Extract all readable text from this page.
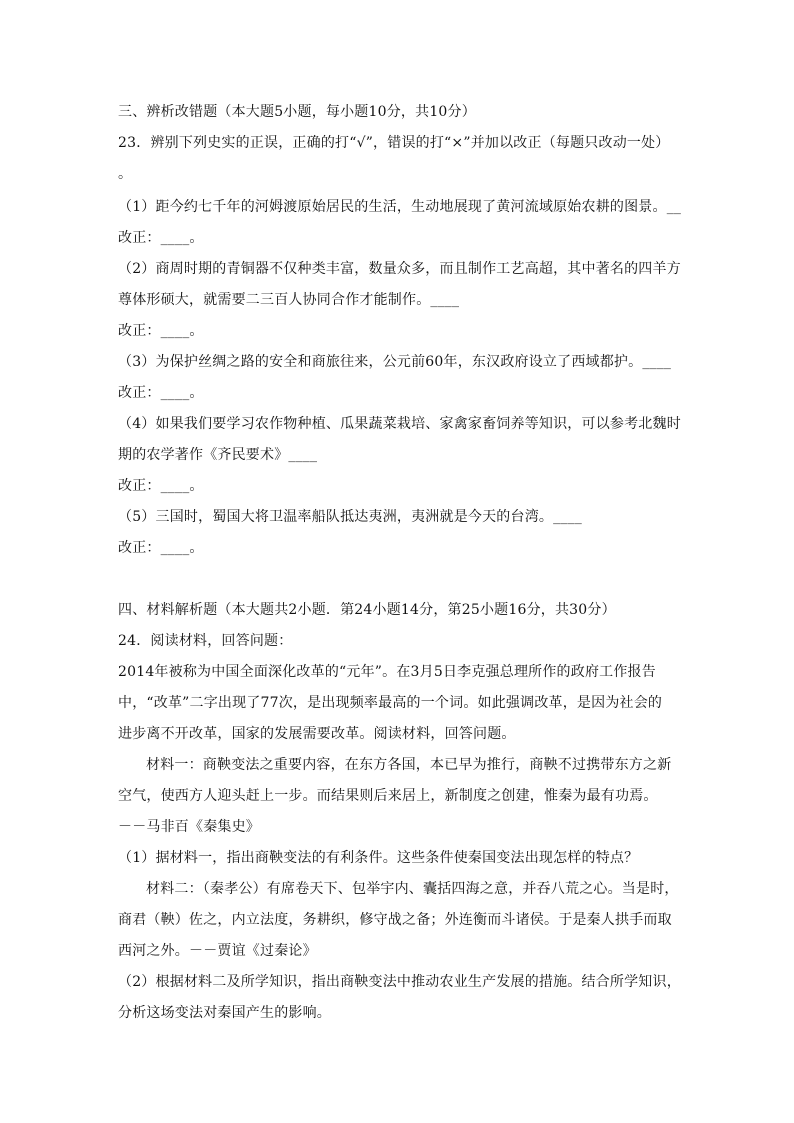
三、辨析改错题（本大题5小题，每小题10分，共10分）
23．辨别下列史实的正误，正确的打“√”，错误的打“×”并加以改正（每题只改动一处）
。
（1）距今约七千年的河姆渡原始居民的生活，生动地展现了黄河流域原始农耕的图景。__
改正：____。
（2）商周时期的青铜器不仅种类丰富，数量众多，而且制作工艺高超，其中著名的四羊方
尊体形硕大，就需要二三百人协同合作才能制作。____
改正：____。
（3）为保护丝绸之路的安全和商旅往来，公元前60年，东汉政府设立了西域都护。____
改正：____。
（4）如果我们要学习农作物种植、瓜果蔬菜栽培、家禽家畜饲养等知识，可以参考北魏时
期的农学著作《齐民要术》____
改正：____。
（5）三国时，蜀国大将卫温率船队抵达夷洲，夷洲就是今天的台湾。____
改正：____。
四、材料解析题（本大题共2小题．第24小题14分，第25小题16分，共30分）
24．阅读材料，回答问题：
2014年被称为中国全面深化改革的“元年”。在3月5日李克强总理所作的政府工作报告
中，“改革”二字出现了77次，是出现频率最高的一个词。如此强调改革，是因为社会的
进步离不开改革，国家的发展需要改革。阅读材料，回答问题。
材料一：商鞅变法之重要内容，在东方各国，本已早为推行，商鞅不过携带东方之新
空气，使西方人迎头赶上一步。而结果则后来居上，新制度之创建，惟秦为最有功焉。
－－马非百《秦集史》
（1）据材料一，指出商鞅变法的有利条件。这些条件使秦国变法出现怎样的特点？
材料二：（秦孝公）有席卷天下、包举宇内、囊括四海之意，并吞八荒之心。当是时，
商君（鞅）佐之，内立法度，务耕织，修守战之备；外连衡而斗诸侯。于是秦人拱手而取
西河之外。－－贾谊《过秦论》
（2）根据材料二及所学知识，指出商鞅变法中推动农业生产发展的措施。结合所学知识，
分析这场变法对秦国产生的影响。
